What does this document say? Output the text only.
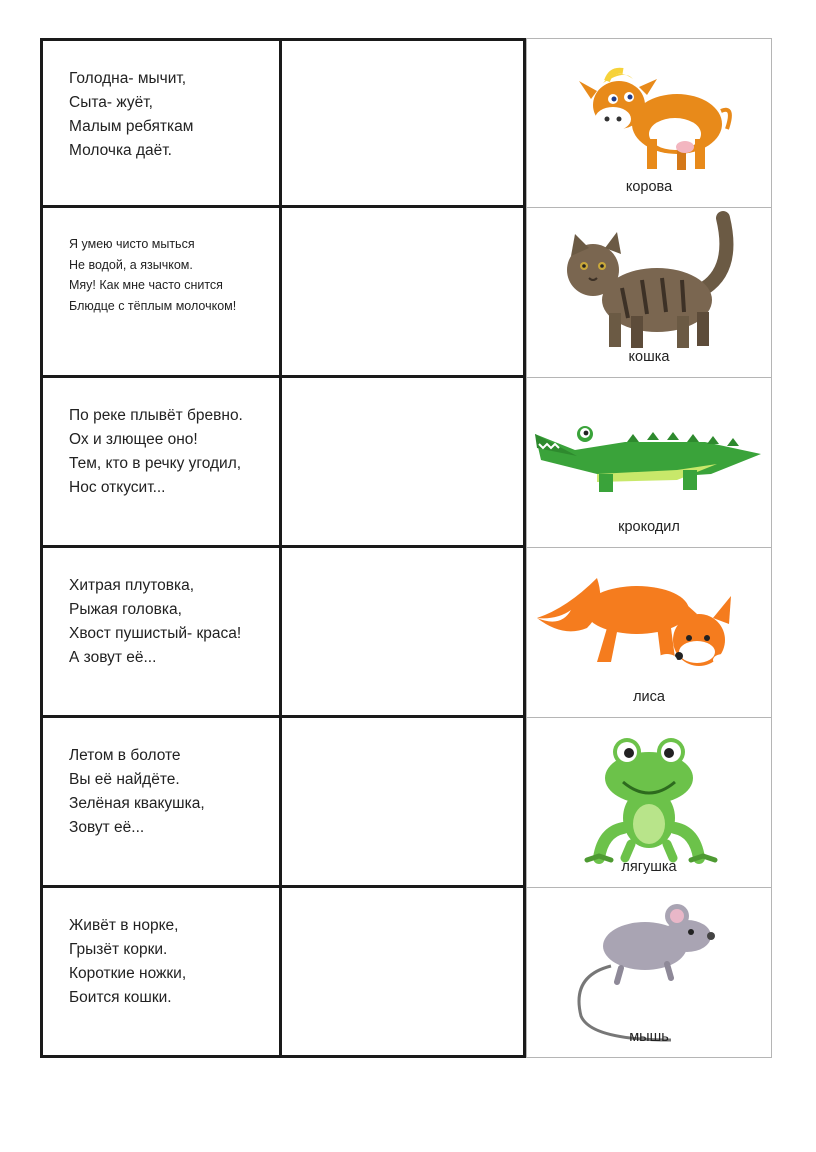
Голодна- мычит,
Сыта- жуёт,
Малым ребяткам
Молочка даёт.
корова
Я умею чисто мыться
Не водой, а язычком.
Мяу! Как мне часто снится
Блюдце с тёплым молочком!
кошка
По реке плывёт бревно.
Ох и злющее оно!
Тем, кто в речку угодил,
Нос откусит...
крокодил
Хитрая плутовка,
Рыжая головка,
Хвост пушистый- краса!
А зовут её...
лиса
Летом в болоте
Вы её найдёте.
Зелёная квакушка,
Зовут её...
лягушка
Живёт в норке,
Грызёт корки.
Короткие ножки,
Боится кошки.
мышь
